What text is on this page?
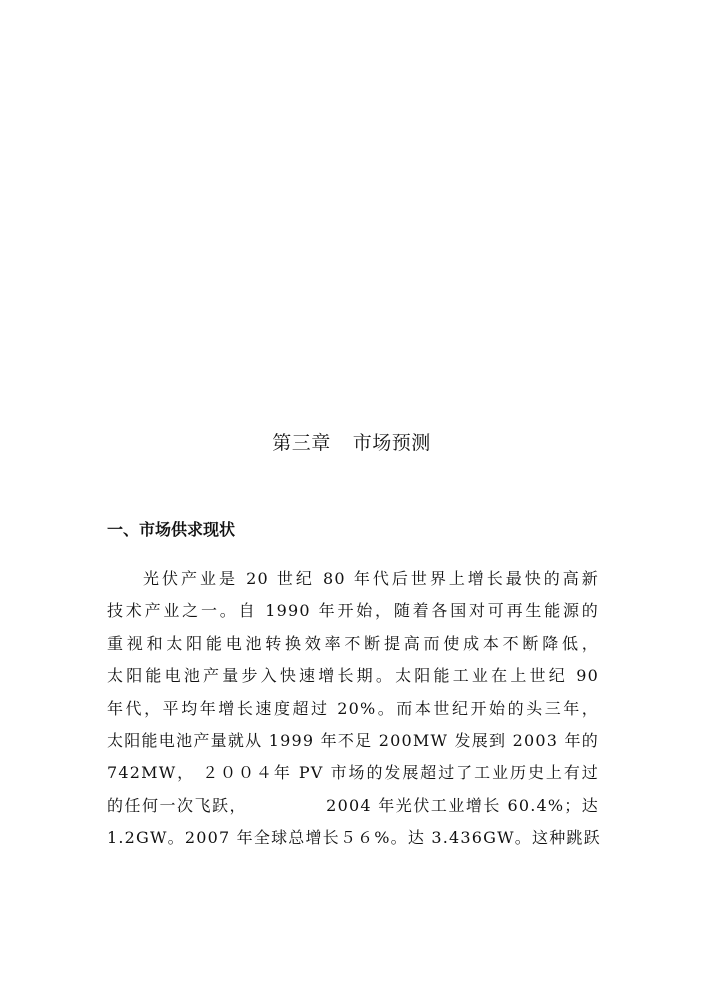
第三章 市场预测
一、市场供求现状
光伏产业是 20 世纪 80 年代后世界上增长最快的高新
技术产业之一。自 1990 年开始，随着各国对可再生能源的
重视和太阳能电池转换效率不断提高而使成本不断降低，
太阳能电池产量步入快速增长期。太阳能工业在上世纪 90
年代，平均年增长速度超过 20%。而本世纪开始的头三年，
太阳能电池产量就从 1999 年不足 200MW 发展到 2003 年的
742MW， ２００４年 PV 市场的发展超过了工业历史上有过
的任何一次飞跃，            2004 年光伏工业增长 60.4%；达
1.2GW。2007 年全球总增长５６%。达 3.436GW。这种跳跃
